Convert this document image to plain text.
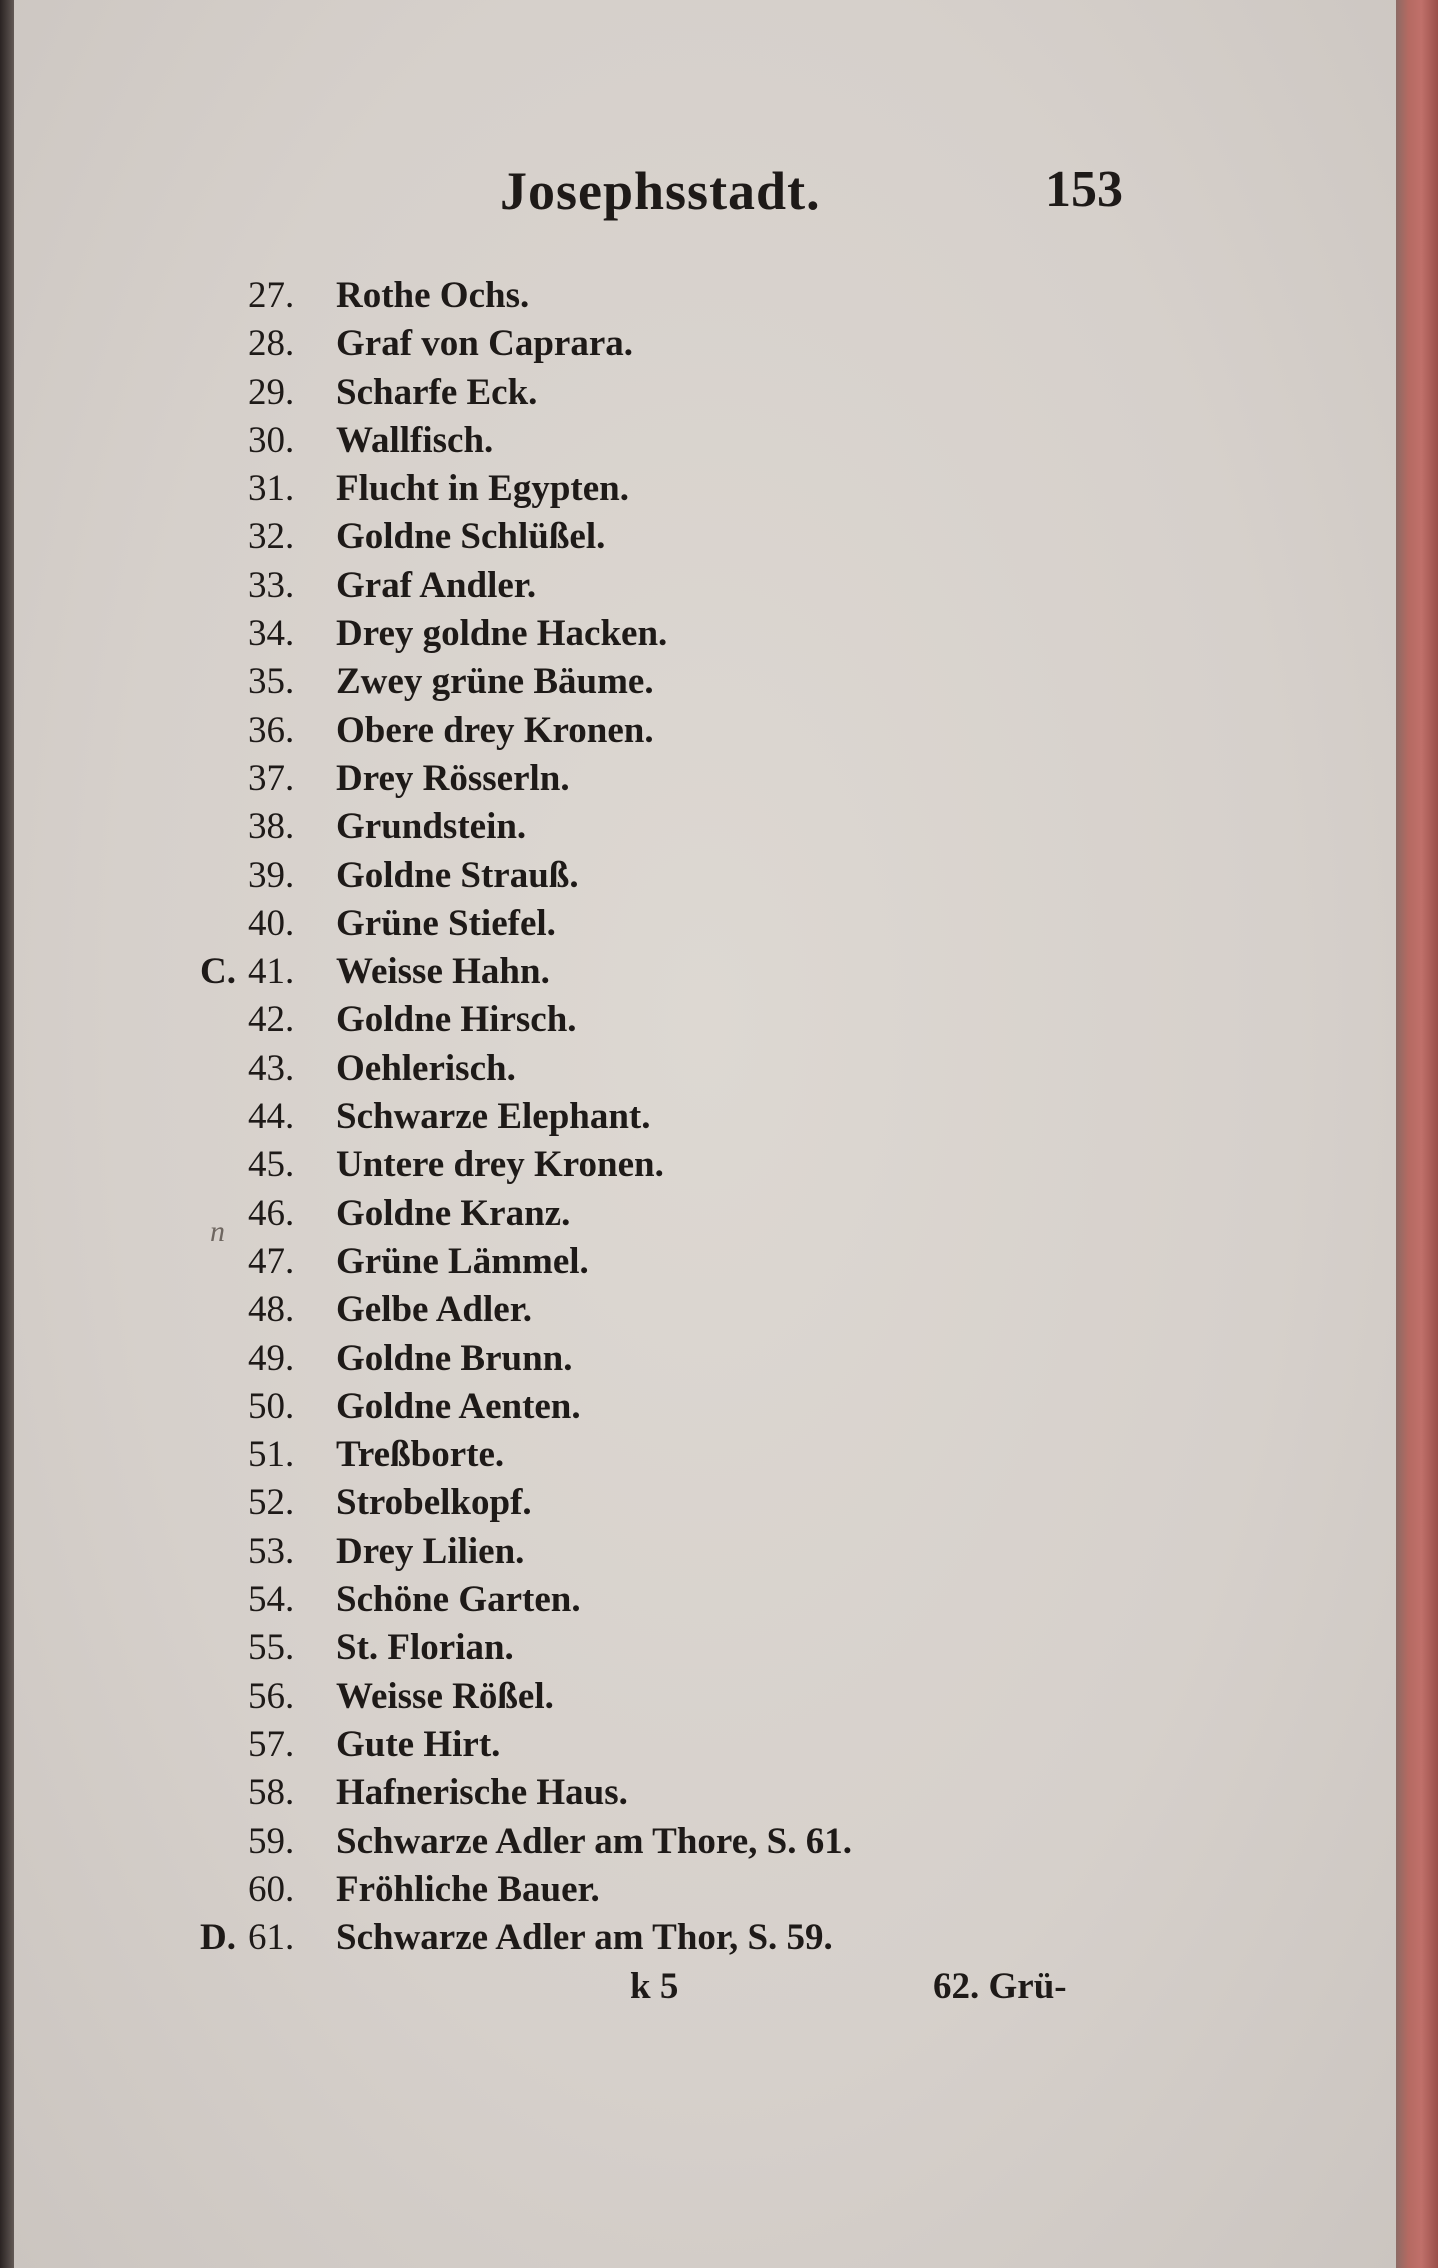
Josephsstadt.	153
27.	Rothe Ochs.
28.	Graf von Caprara.
29.	Scharfe Eck.
30.	Wallfisch.
31.	Flucht in Egypten.
32.	Goldne Schlüßel.
33.	Graf Andler.
34.	Drey goldne Hacken.
35.	Zwey grüne Bäume.
36.	Obere drey Kronen.
37.	Drey Rösserln.
38.	Grundstein.
39.	Goldne Strauß.
40.	Grüne Stiefel.
C. 41.	Weisse Hahn.
42.	Goldne Hirsch.
43.	Oehlerisch.
44.	Schwarze Elephant.
45.	Untere drey Kronen.
46.	Goldne Kranz.
47.	Grüne Lämmel.
48.	Gelbe Adler.
49.	Goldne Brunn.
50.	Goldne Aenten.
51.	Treßborte.
52.	Strobelkopf.
53.	Drey Lilien.
54.	Schöne Garten.
55.	St. Florian.
56.	Weisse Rößel.
57.	Gute Hirt.
58.	Hafnerische Haus.
59.	Schwarze Adler am Thore, S. 61.
60.	Fröhliche Bauer.
D. 61.	Schwarze Adler am Thor, S. 59.
n
k 5	62. Grü-
